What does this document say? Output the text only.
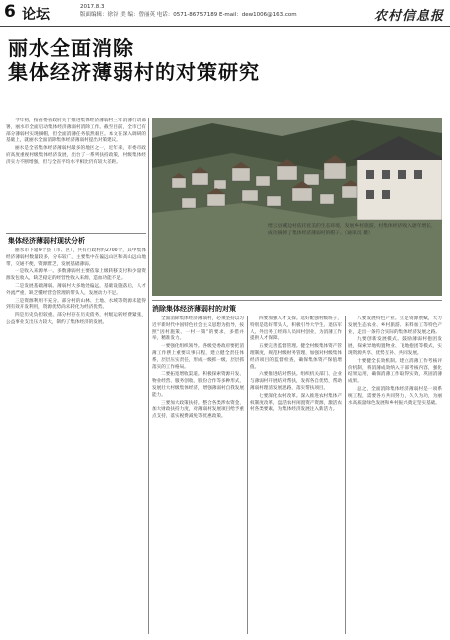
6 论坛	2017.8.3
版面编辑：徐谷 美 编：曾丽英 电话：0571-86757189 E-mail：dew1006@163.com	农村信息报
丽水全面消除
集体经济薄弱村的对策研究

今年初，按省委省政府关于推进集体经济薄弱村三年消薄行动部署，丽水市全面启动集体经济薄弱村消除工作。截至目前，全市已有部分薄弱村实现摘帽，但全面消薄任务依然艰巨。本文在深入调研的基础上，就丽水全面消除集体经济薄弱村提出对策建议。

丽水是全省集体经济薄弱村最多的地区之一，近年来，市委市政府高度重视村级集体经济发展，出台了一系列扶持政策，村级集体经济实力不断增强，但与全省平均水平相比仍有较大差距。

集体经济薄弱村现状分析

丽水市下辖9个县（市、区），共有行政村约2700个，其中集体经济薄弱村数量较多，分布较广，主要集中在偏远山区和高山远山地带，交通不便，资源匮乏，发展基础薄弱。

一是收入来源单一。多数薄弱村主要依靠上级转移支付和少量资源发包收入，缺乏稳定的经营性收入来源，造血功能不足。

二是发展基础薄弱。薄弱村大多地处偏远，基础设施落后，人才外流严重，缺乏懂经营会管理的带头人，发展动力不足。

三是资源利用不充分。部分村的山林、土地、水域等资源未能得到有效开发利用，资源优势尚未转化为经济优势。

四是历史负担较重。部分村存在历史债务，村级运转经费紧张，公益事业支出压力较大，制约了集体经济的发展。

缙云县溪边村依托优美的生态环境，发展乡村旅游，村集体经济收入逐年增长，成功摘掉了集体经济薄弱村的帽子。（通讯员 摄）
消除集体经济薄弱村的对策

全面消除集体经济薄弱村，必须坚持以习近平新时代中国特色社会主义思想为指导，按照“因村施策、一村一策”的要求，多措并举，精准发力。

一要强化组织领导。各级党委政府要把消薄工作摆上重要议事日程，建立健全责任体系，层层压实责任，形成一级抓一级、层层抓落实的工作格局。

二要拓宽增收渠道。积极探索资源开发、物业经营、服务创收、股份合作等多种形式，发展壮大村级集体经济，增强薄弱村自我发展能力。

三要加大政策扶持。整合各类涉农资金，加大财政扶持力度，对薄弱村发展项目给予重点支持，落实税费减免等优惠政策。

四要加强人才支撑。选好配强村级班子，特别是选好带头人，积极引导大学生、退伍军人、外出务工经商人员回村创业，为消薄工作提供人才保障。

五要完善监督管理。健全村级集体资产管理制度，规范村级财务管理，加强对村级集体经济项目的监督检查，确保集体资产保值增值。

六要推进结对帮扶。组织机关部门、企业与薄弱村开展结对帮扶，发挥各自优势，帮助薄弱村理清发展思路，落实帮扶项目。

七要深化农村改革。深入推进农村集体产权制度改革，盘活农村闲置资产资源，激活农村各类要素，为集体经济发展注入新活力。

八要发展特色产业。立足资源禀赋，大力发展生态农业、乡村旅游、来料加工等特色产业，走出一条符合实际的集体经济发展之路。

九要创新发展模式。鼓励薄弱村抱团发展，探索异地购置物业、飞地抱团等模式，实现资源共享、优势互补、共同发展。

十要健全长效机制。建立消薄工作考核评价机制，将消薄成效纳入干部考核内容，强化结果运用，确保消薄工作取得实效，巩固消薄成果。

总之，全面消除集体经济薄弱村是一项系统工程，需要各方共同努力，久久为功，为丽水高质量绿色发展和乡村振兴奠定坚实基础。
